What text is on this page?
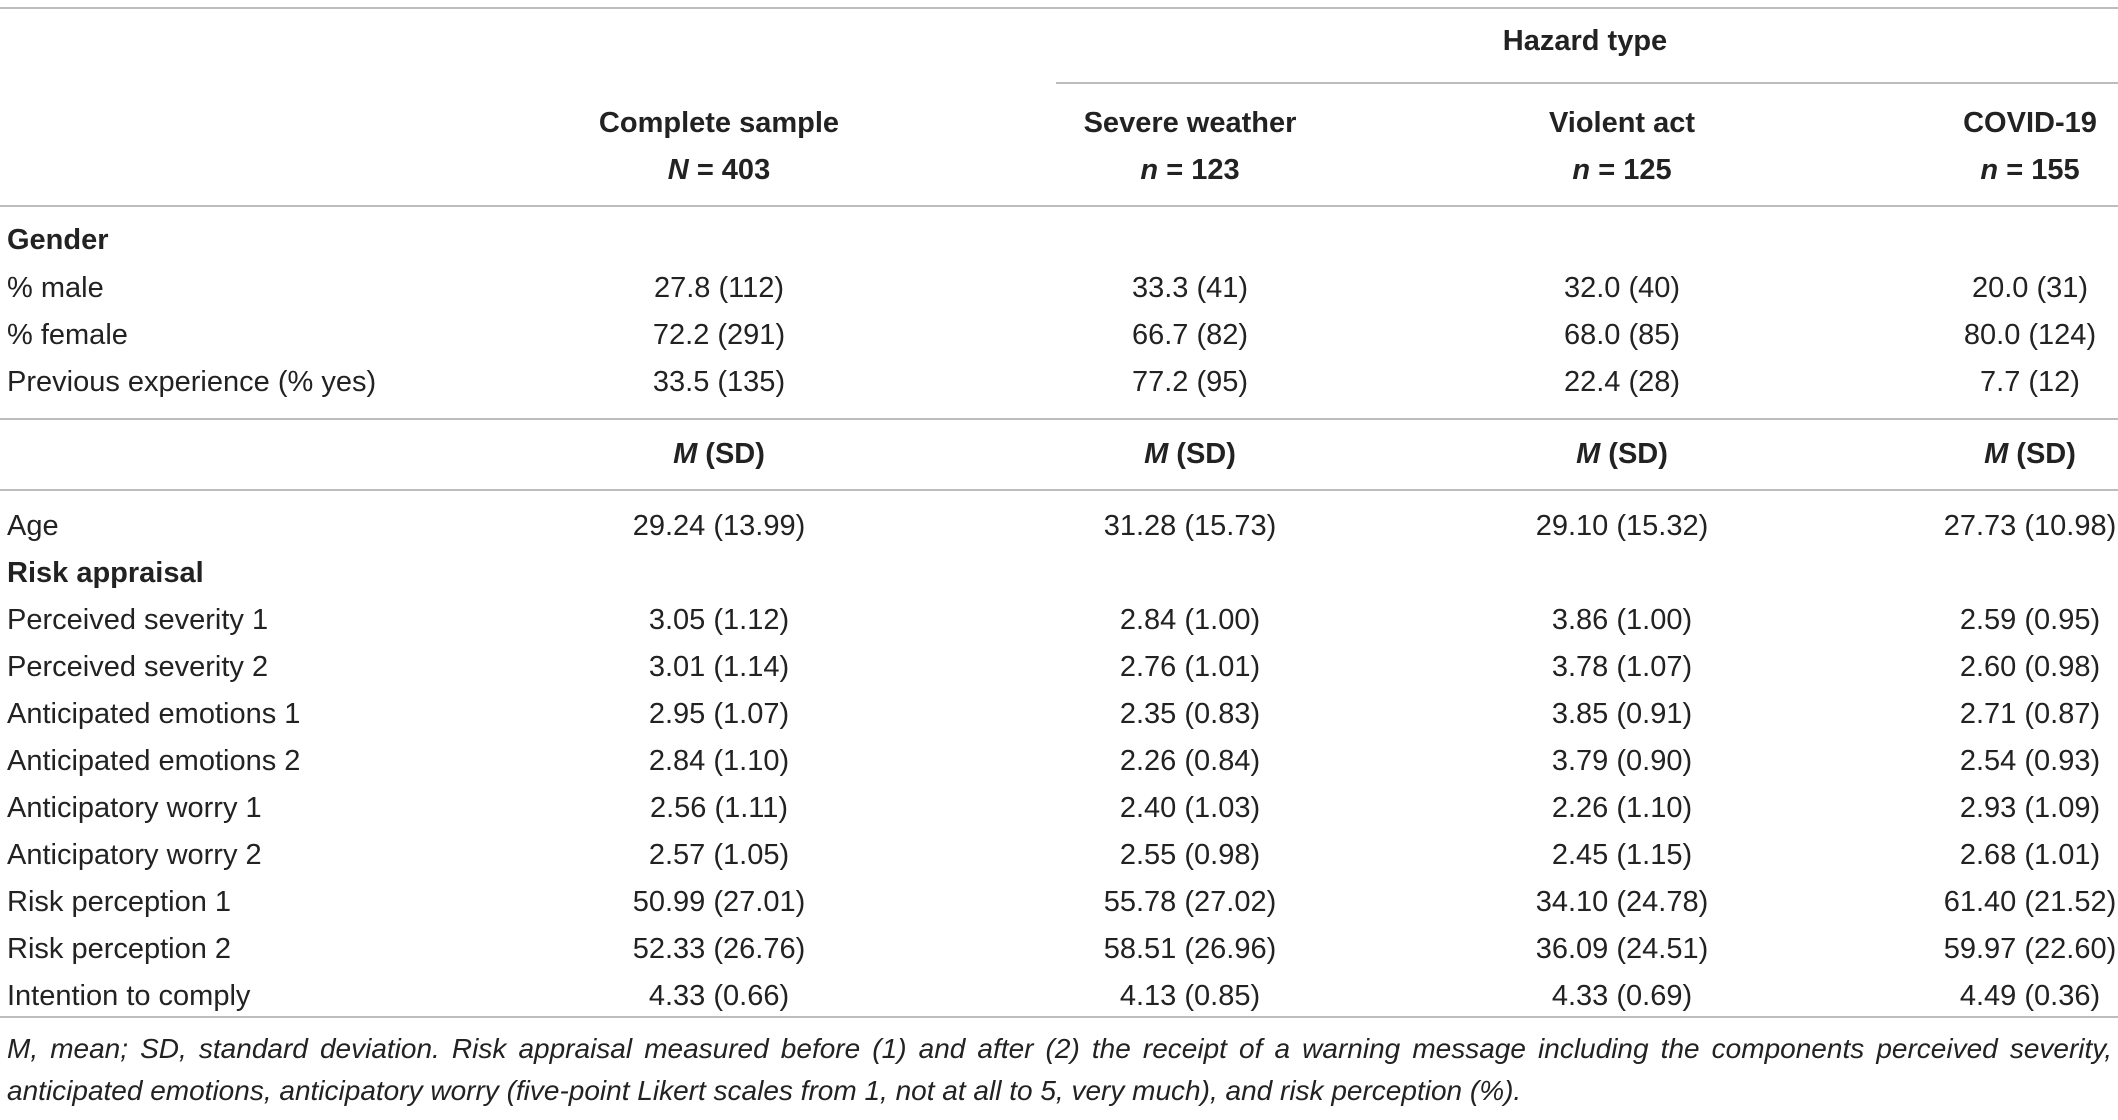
Hazard type
Complete sample	Severe weather	Violent act	COVID-19
N = 403	n = 123	n = 125	n = 155
Gender
% male	27.8 (112)	33.3 (41)	32.0 (40)	20.0 (31)
% female	72.2 (291)	66.7 (82)	68.0 (85)	80.0 (124)
Previous experience (% yes)	33.5 (135)	77.2 (95)	22.4 (28)	7.7 (12)
M (SD)	M (SD)	M (SD)	M (SD)
Age	29.24 (13.99)	31.28 (15.73)	29.10 (15.32)	27.73 (10.98)
Risk appraisal
Perceived severity 1	3.05 (1.12)	2.84 (1.00)	3.86 (1.00)	2.59 (0.95)
Perceived severity 2	3.01 (1.14)	2.76 (1.01)	3.78 (1.07)	2.60 (0.98)
Anticipated emotions 1	2.95 (1.07)	2.35 (0.83)	3.85 (0.91)	2.71 (0.87)
Anticipated emotions 2	2.84 (1.10)	2.26 (0.84)	3.79 (0.90)	2.54 (0.93)
Anticipatory worry 1	2.56 (1.11)	2.40 (1.03)	2.26 (1.10)	2.93 (1.09)
Anticipatory worry 2	2.57 (1.05)	2.55 (0.98)	2.45 (1.15)	2.68 (1.01)
Risk perception 1	50.99 (27.01)	55.78 (27.02)	34.10 (24.78)	61.40 (21.52)
Risk perception 2	52.33 (26.76)	58.51 (26.96)	36.09 (24.51)	59.97 (22.60)
Intention to comply	4.33 (0.66)	4.13 (0.85)	4.33 (0.69)	4.49 (0.36)
M, mean; SD, standard deviation. Risk appraisal measured before (1) and after (2) the receipt of a warning message including the components perceived severity, anticipated emotions, anticipatory worry (five-point Likert scales from 1, not at all to 5, very much), and risk perception (%).
